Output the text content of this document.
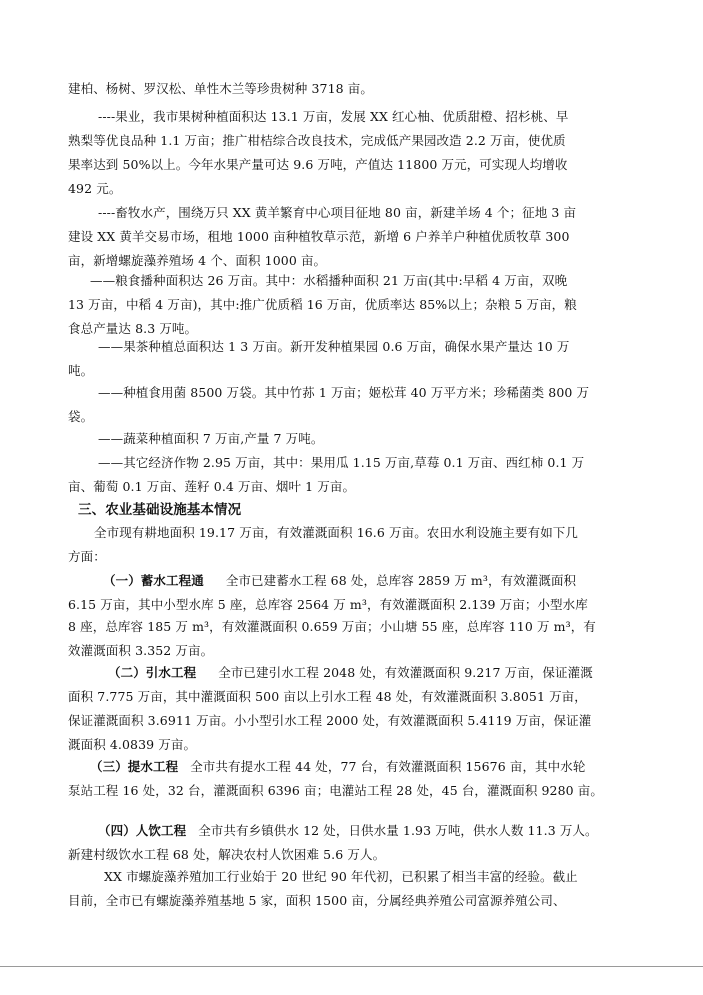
建柏、杨树、罗汉松、单性木兰等珍贵树种 3718 亩。
----果业，我市果树种植面积达 13.1 万亩，发展 XX 红心柚、优质甜橙、招杉桃、早
熟梨等优良品种 1.1 万亩；推广柑桔综合改良技术，完成低产果园改造 2.2 万亩，使优质
果率达到 50%以上。今年水果产量可达 9.6 万吨，产值达 11800 万元，可实现人均增收
492 元。
----畜牧水产，围绕万只 XX 黄羊繁育中心项目征地 80 亩，新建羊场 4 个；征地 3 亩
建设 XX 黄羊交易市场，租地 1000 亩种植牧草示范，新增 6 户养羊户种植优质牧草 300
亩，新增螺旋藻养殖场 4 个、面积 1000 亩。
——粮食播种面积达 26 万亩。其中：水稻播种面积 21 万亩(其中:早稻 4 万亩，双晚
13 万亩，中稻 4 万亩)，其中:推广优质稻 16 万亩，优质率达 85%以上；杂粮 5 万亩，粮
食总产量达 8.3 万吨。
——果茶种植总面积达 1 3 万亩。新开发种植果园 0.6 万亩，确保水果产量达 10 万
吨。
——种植食用菌 8500 万袋。其中竹荪 1 万亩；姬松茸 40 万平方米；珍稀菌类 800 万
袋。
——蔬菜种植面积 7 万亩,产量 7 万吨。
——其它经济作物 2.95 万亩，其中：果用瓜 1.15 万亩,草莓 0.1 万亩、西红柿 0.1 万
亩、葡萄 0.1 万亩、莲籽 0.4 万亩、烟叶 1 万亩。
三、农业基础设施基本情况
全市现有耕地面积 19.17 万亩，有效灌溉面积 16.6 万亩。农田水利设施主要有如下几
方面：
（一）蓄水工程通 全市已建蓄水工程 68 处，总库容 2859 万 m³，有效灌溉面积
6.15 万亩，其中小型水库 5 座，总库容 2564 万 m³，有效灌溉面积 2.139 万亩；小型水库
8 座，总库容 185 万 m³，有效灌溉面积 0.659 万亩；小山塘 55 座，总库容 110 万 m³，有
效灌溉面积 3.352 万亩。
（二）引水工程 全市已建引水工程 2048 处，有效灌溉面积 9.217 万亩，保证灌溉
面积 7.775 万亩，其中灌溉面积 500 亩以上引水工程 48 处，有效灌溉面积 3.8051 万亩，
保证灌溉面积 3.6911 万亩。小小型引水工程 2000 处，有效灌溉面积 5.4119 万亩，保证灌
溉面积 4.0839 万亩。
（三）提水工程 全市共有提水工程 44 处，77 台，有效灌溉面积 15676 亩，其中水轮
泵站工程 16 处，32 台，灌溉面积 6396 亩；电灌站工程 28 处，45 台，灌溉面积 9280 亩。
（四）人饮工程 全市共有乡镇供水 12 处，日供水量 1.93 万吨，供水人数 11.3 万人。
新建村级饮水工程 68 处，解决农村人饮困难 5.6 万人。
XX 市螺旋藻养殖加工行业始于 20 世纪 90 年代初，已积累了相当丰富的经验。截止
目前，全市已有螺旋藻养殖基地 5 家，面积 1500 亩，分属经典养殖公司富源养殖公司、
